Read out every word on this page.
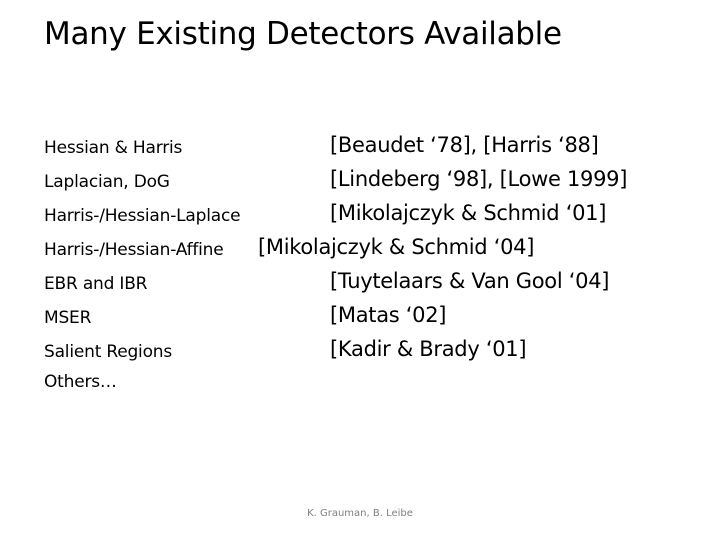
Many Existing Detectors Available
Hessian & Harris	[Beaudet ‘78], [Harris ‘88]
Laplacian, DoG	[Lindeberg ‘98], [Lowe 1999]
Harris-/Hessian-Laplace	[Mikolajczyk & Schmid ‘01]
Harris-/Hessian-Affine [Mikolajczyk & Schmid ‘04]
EBR and IBR	[Tuytelaars & Van Gool ‘04]
MSER	[Matas ‘02]
Salient Regions	[Kadir & Brady ‘01]
Others…
K. Grauman, B. Leibe
